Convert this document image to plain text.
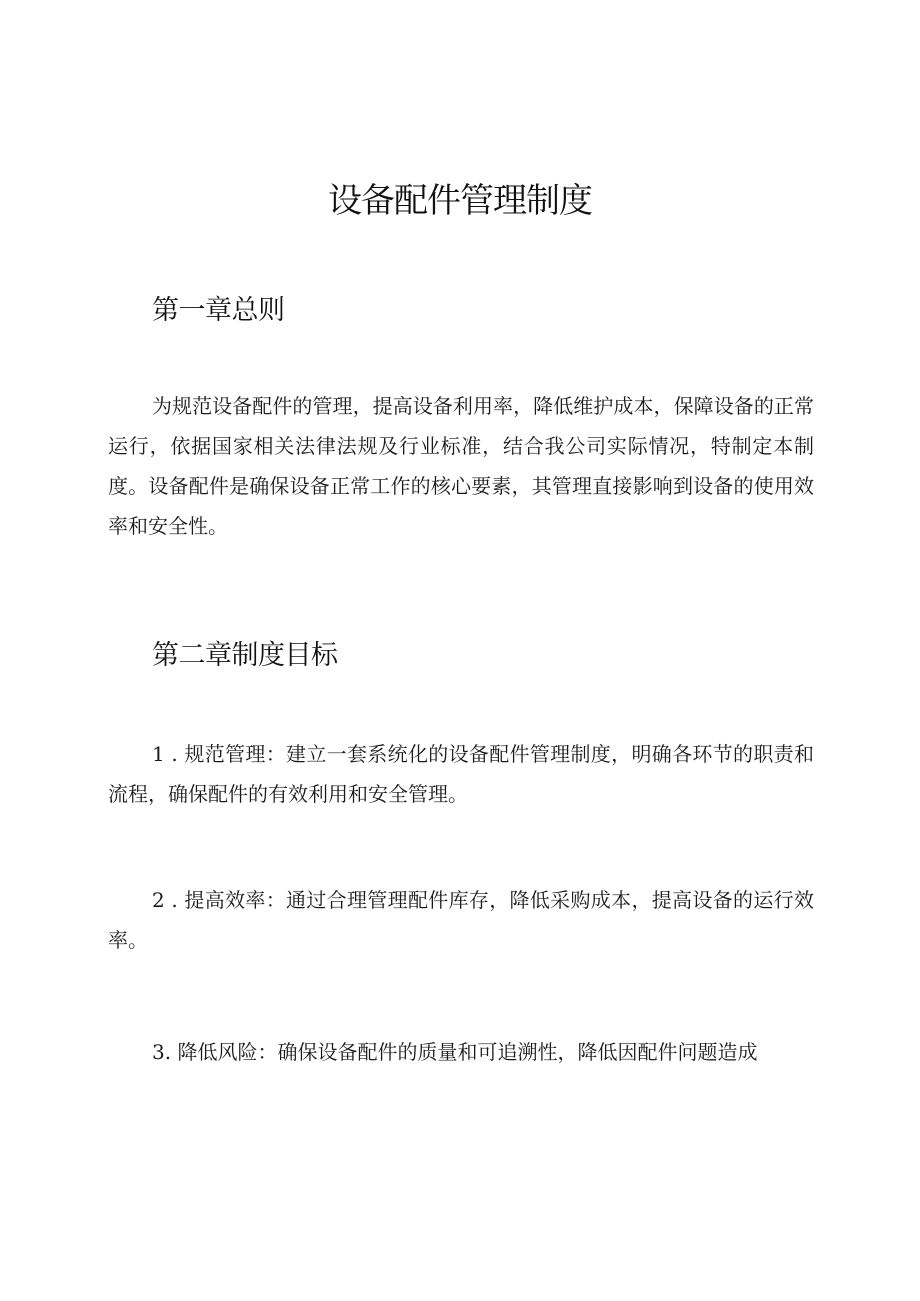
设备配件管理制度
第一章总则

为规范设备配件的管理，提高设备利用率，降低维护成本，保障设备的正常运行，依据国家相关法律法规及行业标准，结合我公司实际情况，特制定本制度。设备配件是确保设备正常工作的核心要素，其管理直接影响到设备的使用效率和安全性。

第二章制度目标

1 . 规范管理：建立一套系统化的设备配件管理制度，明确各环节的职责和流程，确保配件的有效利用和安全管理。

2 . 提高效率：通过合理管理配件库存，降低采购成本，提高设备的运行效率。

3. 降低风险：确保设备配件的质量和可追溯性，降低因配件问题造成
